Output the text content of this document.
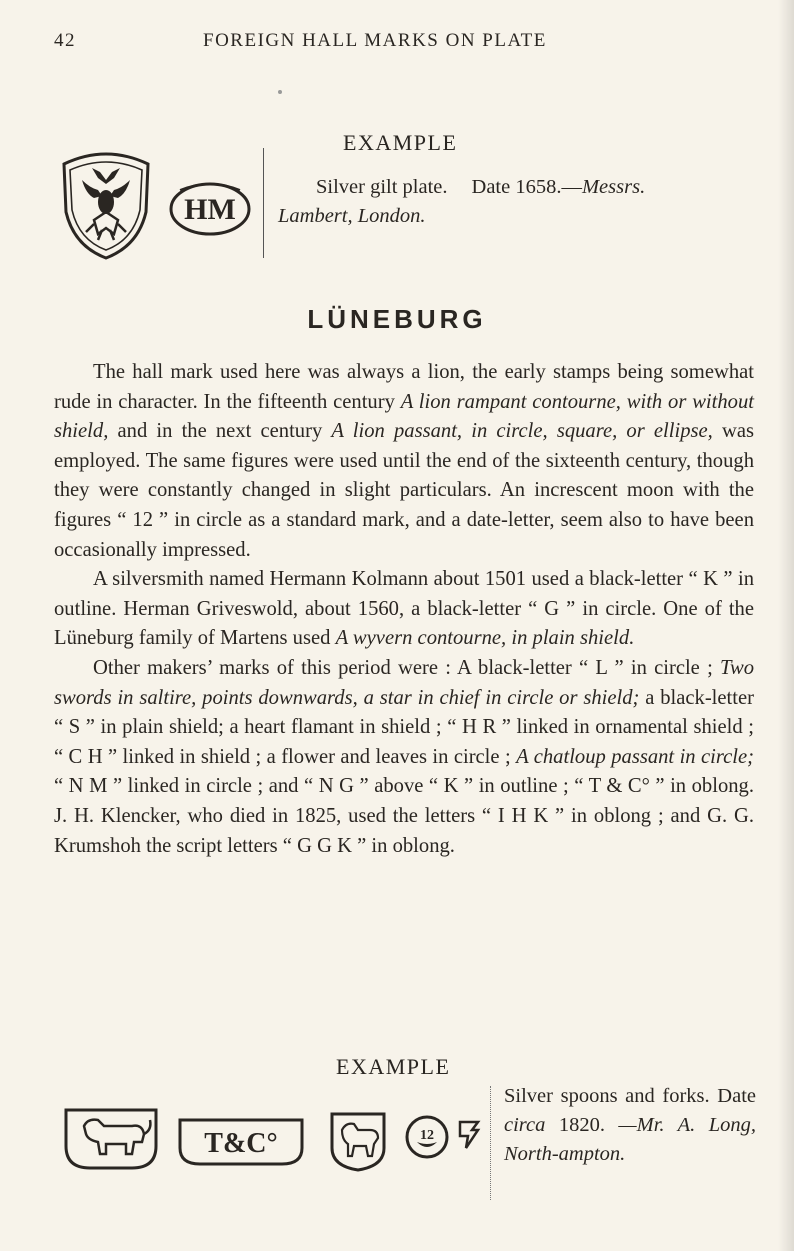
42	FOREIGN HALL MARKS ON PLATE
EXAMPLE
HM
Silver gilt plate. Date 1658.—Messrs.
Lambert, London.
LÜNEBURG

The hall mark used here was always a lion, the early stamps being somewhat rude in character. In the fifteenth century A lion rampant contourne, with or without shield, and in the next century A lion passant, in circle, square, or ellipse, was employed. The same figures were used until the end of the sixteenth century, though they were constantly changed in slight particulars. An increscent moon with the figures “ 12 ” in circle as a standard mark, and a date-letter, seem also to have been occasionally impressed.

A silversmith named Hermann Kolmann about 1501 used a black-letter “ K ” in outline. Herman Griveswold, about 1560, a black-letter “ G ” in circle. One of the Lüneburg family of Martens used A wyvern contourne, in plain shield.

Other makers’ marks of this period were : A black-letter “ L ” in circle ; Two swords in saltire, points downwards, a star in chief in circle or shield; a black-letter “ S ” in plain shield; a heart flamant in shield ; “ H R ” linked in ornamental shield ; “ C H ” linked in shield ; a flower and leaves in circle ; A chatloup passant in circle; “ N M ” linked in circle ; and “ N G ” above “ K ” in outline ; “ T & C° ” in oblong. J. H. Klencker, who died in 1825, used the letters “ I H K ” in oblong ; and G. G. Krumshoh the script letters “ G G K ” in oblong.

EXAMPLE
T&C°	12
Silver spoons and forks. Date circa 1820. —Mr. A. Long, North-ampton.
